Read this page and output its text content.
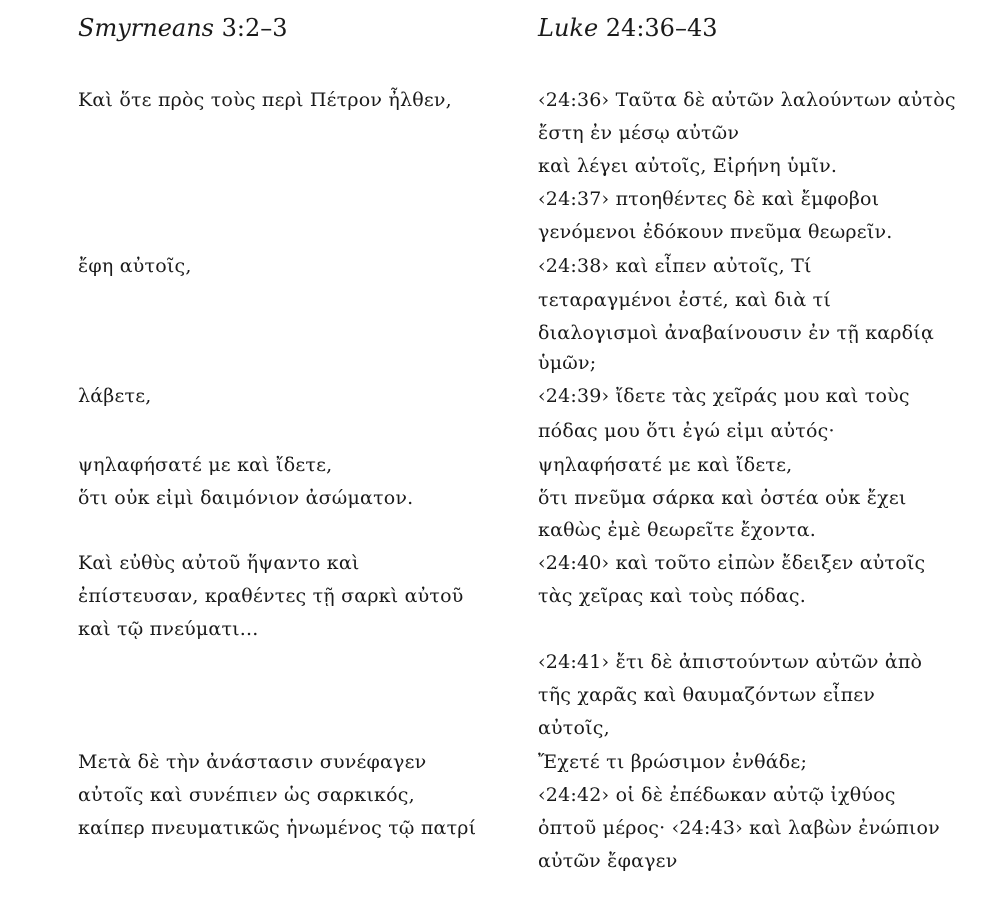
Smyrneans 3:2–3	Luke 24:36–43
Καὶ ὅτε πρὸς τοὺς περὶ Πέτρον ἦλθεν,
ἔφη αὐτοῖς,
λάβετε,
ψηλαφήσατέ με καὶ ἴδετε,
ὅτι οὐκ εἰμὶ δαιμόνιον ἀσώματον.
Καὶ εὐθὺς αὐτοῦ ἥψαντο καὶ
ἐπίστευσαν, κραθέντες τῇ σαρκὶ αὐτοῦ
καὶ τῷ πνεύματι...
Μετὰ δὲ τὴν ἀνάστασιν συνέφαγεν
αὐτοῖς καὶ συνέπιεν ὡς σαρκικός,
καίπερ πνευματικῶς ἡνωμένος τῷ πατρί
‹24:36› Ταῦτα δὲ αὐτῶν λαλούντων αὐτὸς
ἔστη ἐν μέσῳ αὐτῶν
καὶ λέγει αὐτοῖς, Εἰρήνη ὑμῖν.
‹24:37› πτοηθέντες δὲ καὶ ἔμφοβοι
γενόμενοι ἐδόκουν πνεῦμα θεωρεῖν.
‹24:38› καὶ εἶπεν αὐτοῖς, Τί
τεταραγμένοι ἐστέ, καὶ διὰ τί
διαλογισμοὶ ἀναβαίνουσιν ἐν τῇ καρδίᾳ
ὑμῶν;
‹24:39› ἴδετε τὰς χεῖράς μου καὶ τοὺς
πόδας μου ὅτι ἐγώ εἰμι αὐτός·
ψηλαφήσατέ με καὶ ἴδετε,
ὅτι πνεῦμα σάρκα καὶ ὀστέα οὐκ ἔχει
καθὼς ἐμὲ θεωρεῖτε ἔχοντα.
‹24:40› καὶ τοῦτο εἰπὼν ἔδειξεν αὐτοῖς
τὰς χεῖρας καὶ τοὺς πόδας.
‹24:41› ἔτι δὲ ἀπιστούντων αὐτῶν ἀπὸ
τῆς χαρᾶς καὶ θαυμαζόντων εἶπεν
αὐτοῖς,
Ἔχετέ τι βρώσιμον ἐνθάδε;
‹24:42› οἱ δὲ ἐπέδωκαν αὐτῷ ἰχθύος
ὀπτοῦ μέρος· ‹24:43› καὶ λαβὼν ἐνώπιον
αὐτῶν ἔφαγεν
